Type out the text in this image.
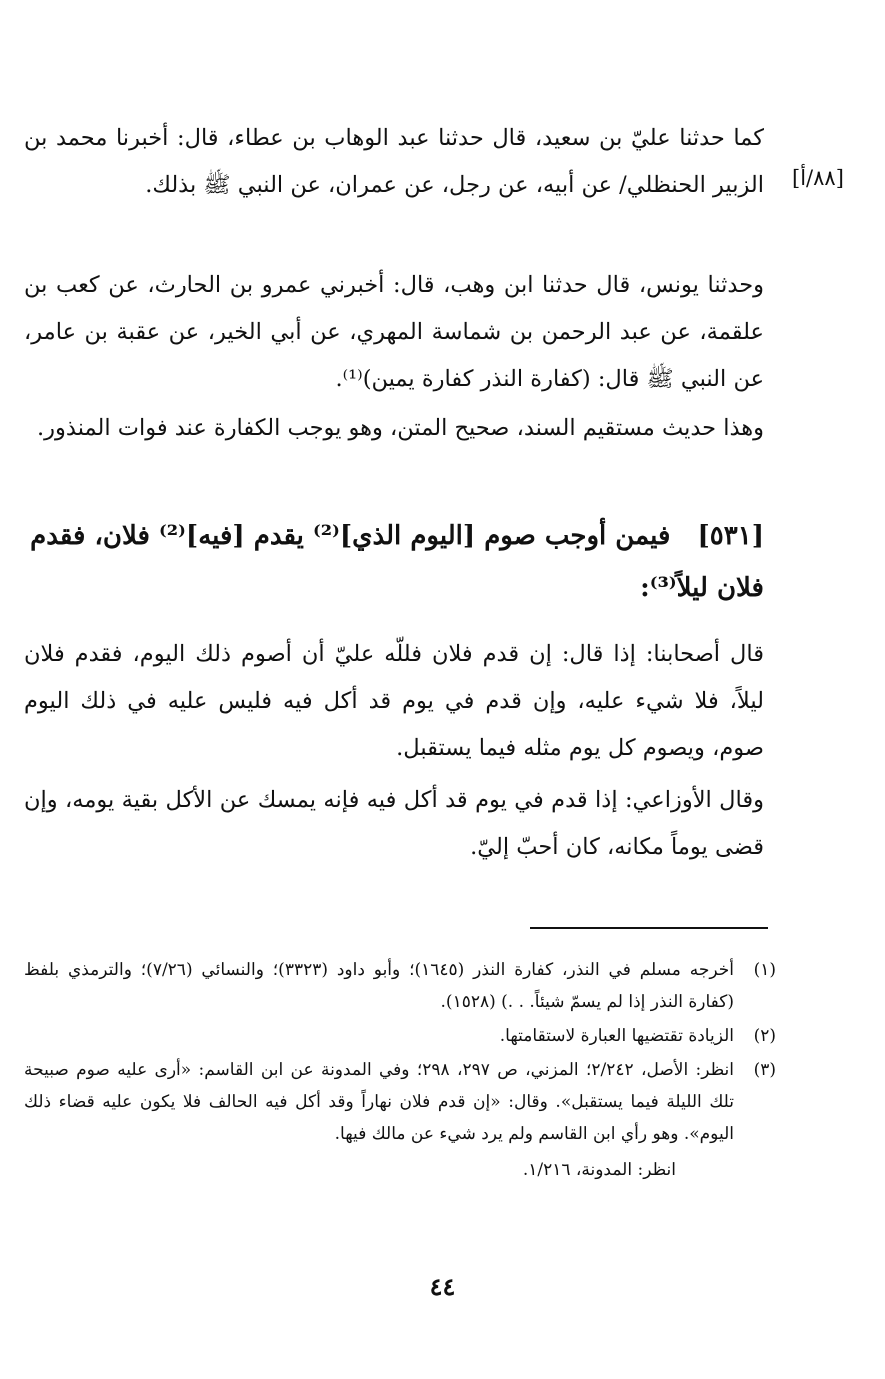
[٨٨/أ]
كما حدثنا عليّ بن سعيد، قال حدثنا عبد الوهاب بن عطاء، قال: أخبرنا محمد بن الزبير الحنظلي/ عن أبيه، عن رجل، عن عمران، عن النبي ﷺ بذلك.
وحدثنا يونس، قال حدثنا ابن وهب، قال: أخبرني عمرو بن الحارث، عن كعب بن علقمة، عن عبد الرحمن بن شماسة المهري، عن أبي الخير، عن عقبة بن عامر، عن النبي ﷺ قال: (كفارة النذر كفارة يمين)⁽¹⁾.
وهذا حديث مستقيم السند، صحيح المتن، وهو يوجب الكفارة عند فوات المنذور.
[٥٣١] فيمن أوجب صوم [اليوم الذي]⁽²⁾ يقدم [فيه]⁽²⁾ فلان، فقدم فلان ليلاً⁽³⁾:
قال أصحابنا: إذا قال: إن قدم فلان فللّه عليّ أن أصوم ذلك اليوم، فقدم فلان ليلاً، فلا شيء عليه، وإن قدم في يوم قد أكل فيه فليس عليه في ذلك اليوم صوم، ويصوم كل يوم مثله فيما يستقبل.
وقال الأوزاعي: إذا قدم في يوم قد أكل فيه فإنه يمسك عن الأكل بقية يومه، وإن قضى يوماً مكانه، كان أحبّ إليّ.
(١)
أخرجه مسلم في النذر، كفارة النذر (١٦٤٥)؛ وأبو داود (٣٣٢٣)؛ والنسائي (٧/٢٦)؛ والترمذي بلفظ (كفارة النذر إذا لم يسمّ شيئاً. . .) (١٥٢٨).
(٢)
الزيادة تقتضيها العبارة لاستقامتها.
(٣)
انظر: الأصل، ٢/٢٤٢؛ المزني، ص ٢٩٧، ٢٩٨؛ وفي المدونة عن ابن القاسم: «أرى عليه صوم صبيحة تلك الليلة فيما يستقبل». وقال: «إن قدم فلان نهاراً وقد أكل فيه الحالف فلا يكون عليه قضاء ذلك اليوم». وهو رأي ابن القاسم ولم يرد شيء عن مالك فيها.
انظر: المدونة، ١/٢١٦.
٤٤
